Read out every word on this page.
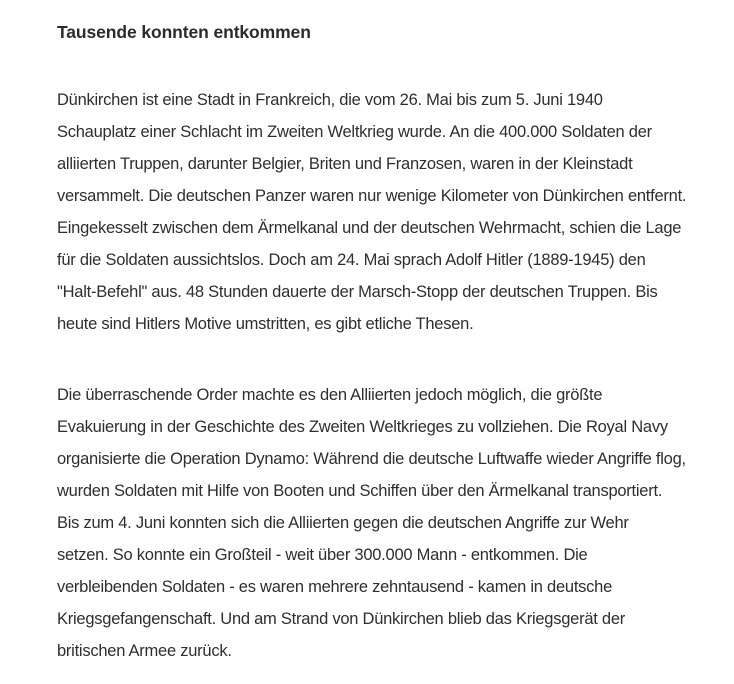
Tausende konnten entkommen
Dünkirchen ist eine Stadt in Frankreich, die vom 26. Mai bis zum 5. Juni 1940
Schauplatz einer Schlacht im Zweiten Weltkrieg wurde. An die 400.000 Soldaten der
alliierten Truppen, darunter Belgier, Briten und Franzosen, waren in der Kleinstadt
versammelt. Die deutschen Panzer waren nur wenige Kilometer von Dünkirchen entfernt.
Eingekesselt zwischen dem Ärmelkanal und der deutschen Wehrmacht, schien die Lage
für die Soldaten aussichtslos. Doch am 24. Mai sprach Adolf Hitler (1889-1945) den
"Halt-Befehl" aus. 48 Stunden dauerte der Marsch-Stopp der deutschen Truppen. Bis
heute sind Hitlers Motive umstritten, es gibt etliche Thesen.
Die überraschende Order machte es den Alliierten jedoch möglich, die größte
Evakuierung in der Geschichte des Zweiten Weltkrieges zu vollziehen. Die Royal Navy
organisierte die Operation Dynamo: Während die deutsche Luftwaffe wieder Angriffe flog,
wurden Soldaten mit Hilfe von Booten und Schiffen über den Ärmelkanal transportiert.
Bis zum 4. Juni konnten sich die Alliierten gegen die deutschen Angriffe zur Wehr
setzen. So konnte ein Großteil - weit über 300.000 Mann - entkommen. Die
verbleibenden Soldaten - es waren mehrere zehntausend - kamen in deutsche
Kriegsgefangenschaft. Und am Strand von Dünkirchen blieb das Kriegsgerät der
britischen Armee zurück.
